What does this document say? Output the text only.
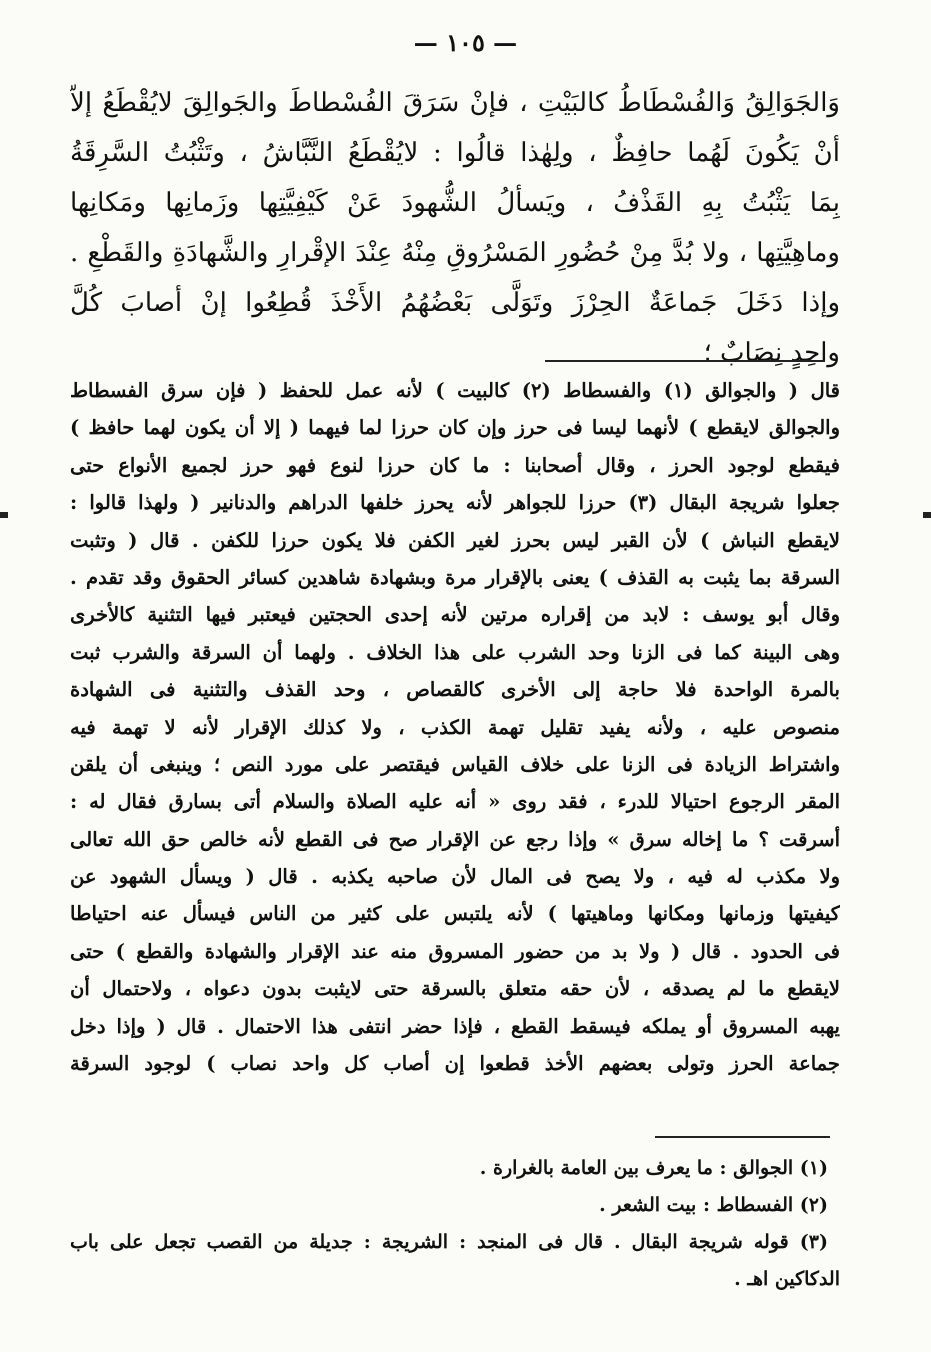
— ١٠٥ —
وَالجَوَالِقُ وَالفُسْطَاطُ كالبَيْتِ ، فإنْ سَرَقَ الفُسْطاطَ والجَوالِقَ لايُقْطَعُ إلاّ
أنْ يَكُونَ لَهُما حافِظٌ ، ولِهٰذا قالُوا : لايُقْطَعُ النَّبَّاشُ ، وتَثْبُتُ السَّرِقَةُ
بِمَا يَثْبُتُ بِهِ القَذْفُ ، ويَسألُ الشُّهودَ عَنْ كَيْفِيَّتِها وزَمانِها ومَكانِها
وماهِيَّتِها ، ولا بُدَّ مِنْ حُضُورِ المَسْرُوقِ مِنْهُ عِنْدَ الإقْرارِ والشَّهادَةِ والقَطْعِ .
وإذا دَخَلَ جَماعَةٌ الحِرْزَ وتَوَلَّى بَعْضُهُمُ الأَخْذَ قُطِعُوا إنْ أصابَ كُلَّ
واحِدٍ نِصَابٌ ؛
قال ( والجوالق (١) والفسطاط (٢) كالبيت ) لأنه عمل للحفظ ( فإن سرق الفسطاط
والجوالق لايقطع ) لأنهما ليسا فى حرز وإن كان حرزا لما فيهما ( إلا أن يكون لهما حافظ )
فيقطع لوجود الحرز ، وقال أصحابنا : ما كان حرزا لنوع فهو حرز لجميع الأنواع حتى
جعلوا شريجة البقال (٣) حرزا للجواهر لأنه يحرز خلفها الدراهم والدنانير ( ولهذا قالوا :
لايقطع النباش ) لأن القبر ليس بحرز لغير الكفن فلا يكون حرزا للكفن . قال ( وتثبت
السرقة بما يثبت به القذف ) يعنى بالإقرار مرة وبشهادة شاهدين كسائر الحقوق وقد تقدم .
وقال أبو يوسف : لابد من إقراره مرتين لأنه إحدى الحجتين فيعتبر فيها التثنية كالأخرى
وهى البينة كما فى الزنا وحد الشرب على هذا الخلاف . ولهما أن السرقة والشرب ثبت
بالمرة الواحدة فلا حاجة إلى الأخرى كالقصاص ، وحد القذف والتثنية فى الشهادة
منصوص عليه ، ولأنه يفيد تقليل تهمة الكذب ، ولا كذلك الإقرار لأنه لا تهمة فيه
واشتراط الزيادة فى الزنا على خلاف القياس فيقتصر على مورد النص ؛ وينبغى أن يلقن
المقر الرجوع احتيالا للدرء ، فقد روى « أنه عليه الصلاة والسلام أتى بسارق فقال له :
أسرقت ؟ ما إخاله سرق » وإذا رجع عن الإقرار صح فى القطع لأنه خالص حق الله تعالى
ولا مكذب له فيه ، ولا يصح فى المال لأن صاحبه يكذبه . قال ( ويسأل الشهود عن
كيفيتها وزمانها ومكانها وماهيتها ) لأنه يلتبس على كثير من الناس فيسأل عنه احتياطا
فى الحدود . قال ( ولا بد من حضور المسروق منه عند الإقرار والشهادة والقطع ) حتى
لايقطع ما لم يصدقه ، لأن حقه متعلق بالسرقة حتى لايثبت بدون دعواه ، ولاحتمال أن
يهبه المسروق أو يملكه فيسقط القطع ، فإذا حضر انتفى هذا الاحتمال . قال ( وإذا دخل
جماعة الحرز وتولى بعضهم الأخذ قطعوا إن أصاب كل واحد نصاب ) لوجود السرقة
(١) الجوالق : ما يعرف بين العامة بالغرارة .
(٢) الفسطاط : بيت الشعر .
(٣) قوله شريجة البقال . قال فى المنجد : الشريجة : جديلة من القصب تجعل على باب
الدكاكين اهـ .
